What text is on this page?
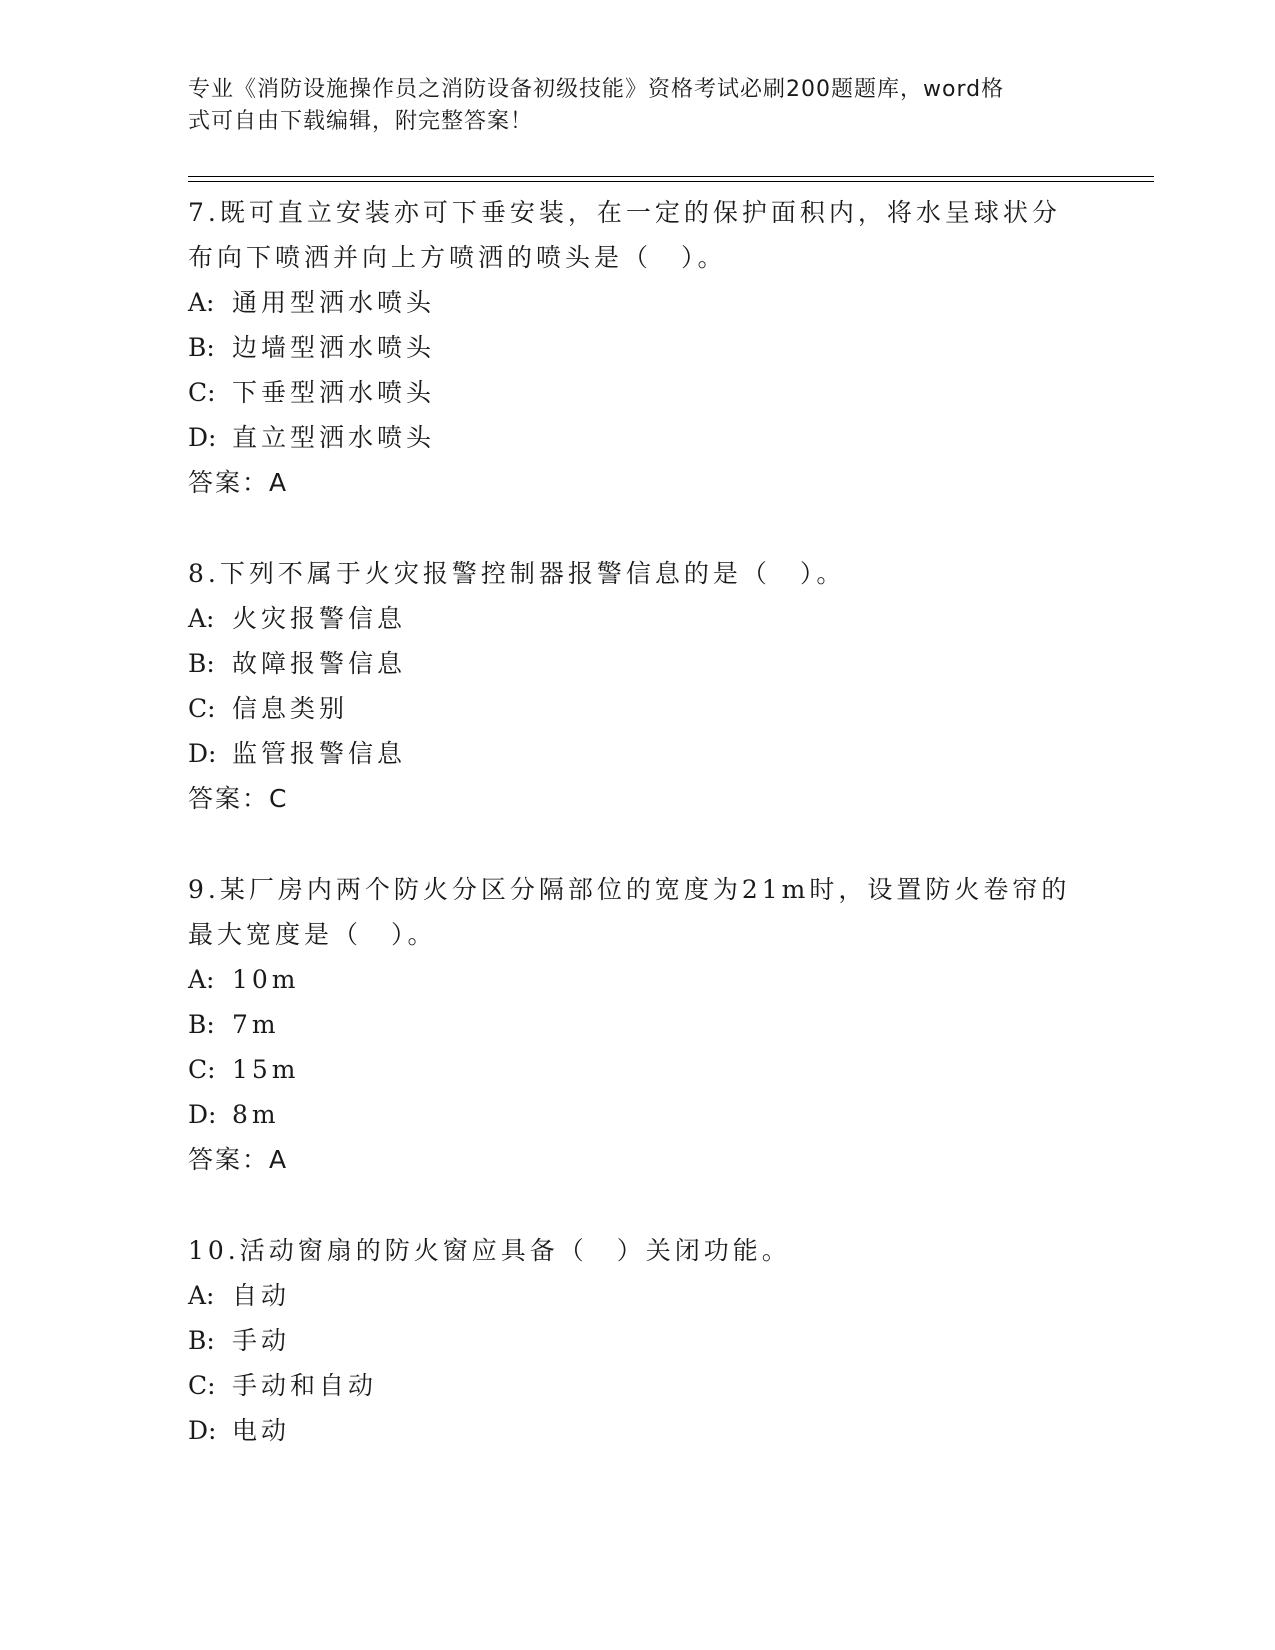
专业《消防设施操作员之消防设备初级技能》资格考试必刷200题题库，word格
式可自由下载编辑，附完整答案！
7.既可直立安装亦可下垂安装，在一定的保护面积内，将水呈球状分
布向下喷洒并向上方喷洒的喷头是（　）。
A: 通用型洒水喷头
B: 边墙型洒水喷头
C: 下垂型洒水喷头
D: 直立型洒水喷头
答案：A
8.下列不属于火灾报警控制器报警信息的是（　）。
A: 火灾报警信息
B: 故障报警信息
C: 信息类别
D: 监管报警信息
答案：C
9.某厂房内两个防火分区分隔部位的宽度为21m时，设置防火卷帘的
最大宽度是（　）。
A: 10m
B: 7m
C: 15m
D: 8m
答案：A
10.活动窗扇的防火窗应具备（　）关闭功能。
A: 自动
B: 手动
C: 手动和自动
D: 电动
